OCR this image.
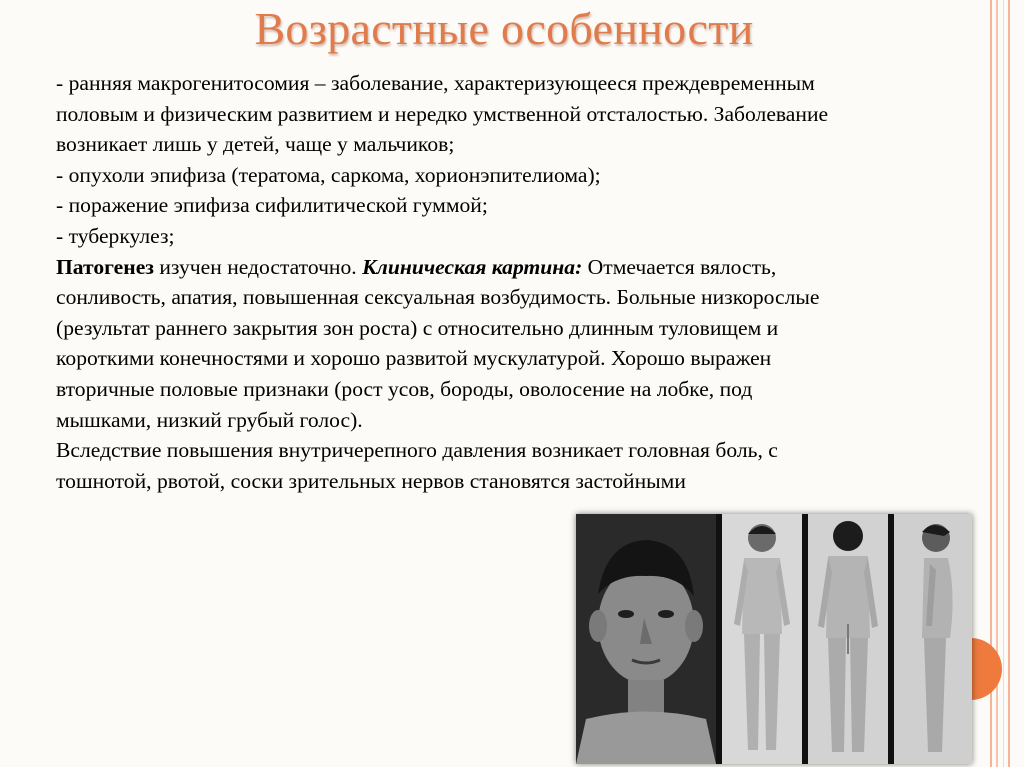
Возрастные особенности

- ранняя макрогенитосомия – заболевание, характеризующееся преждевременным

половым и физическим развитием и нередко умственной отсталостью. Заболевание

возникает лишь у детей, чаще у мальчиков;

- опухоли эпифиза (тератома, саркома, хорионэпителиома);

- поражение эпифиза сифилитической гуммой;

- туберкулез;

Патогенез изучен недостаточно. Клиническая картина: Отмечается вялость,

сонливость, апатия, повышенная сексуальная возбудимость. Больные низкорослые

(результат раннего закрытия зон роста) с относительно длинным туловищем и

короткими конечностями и хорошо развитой мускулатурой. Хорошо выражен

вторичные половые признаки (рост усов, бороды, оволосение на лобке, под

мышками, низкий грубый голос).

Вследствие повышения внутричерепного давления возникает головная боль, с

тошнотой, рвотой, соски зрительных нервов становятся застойными
